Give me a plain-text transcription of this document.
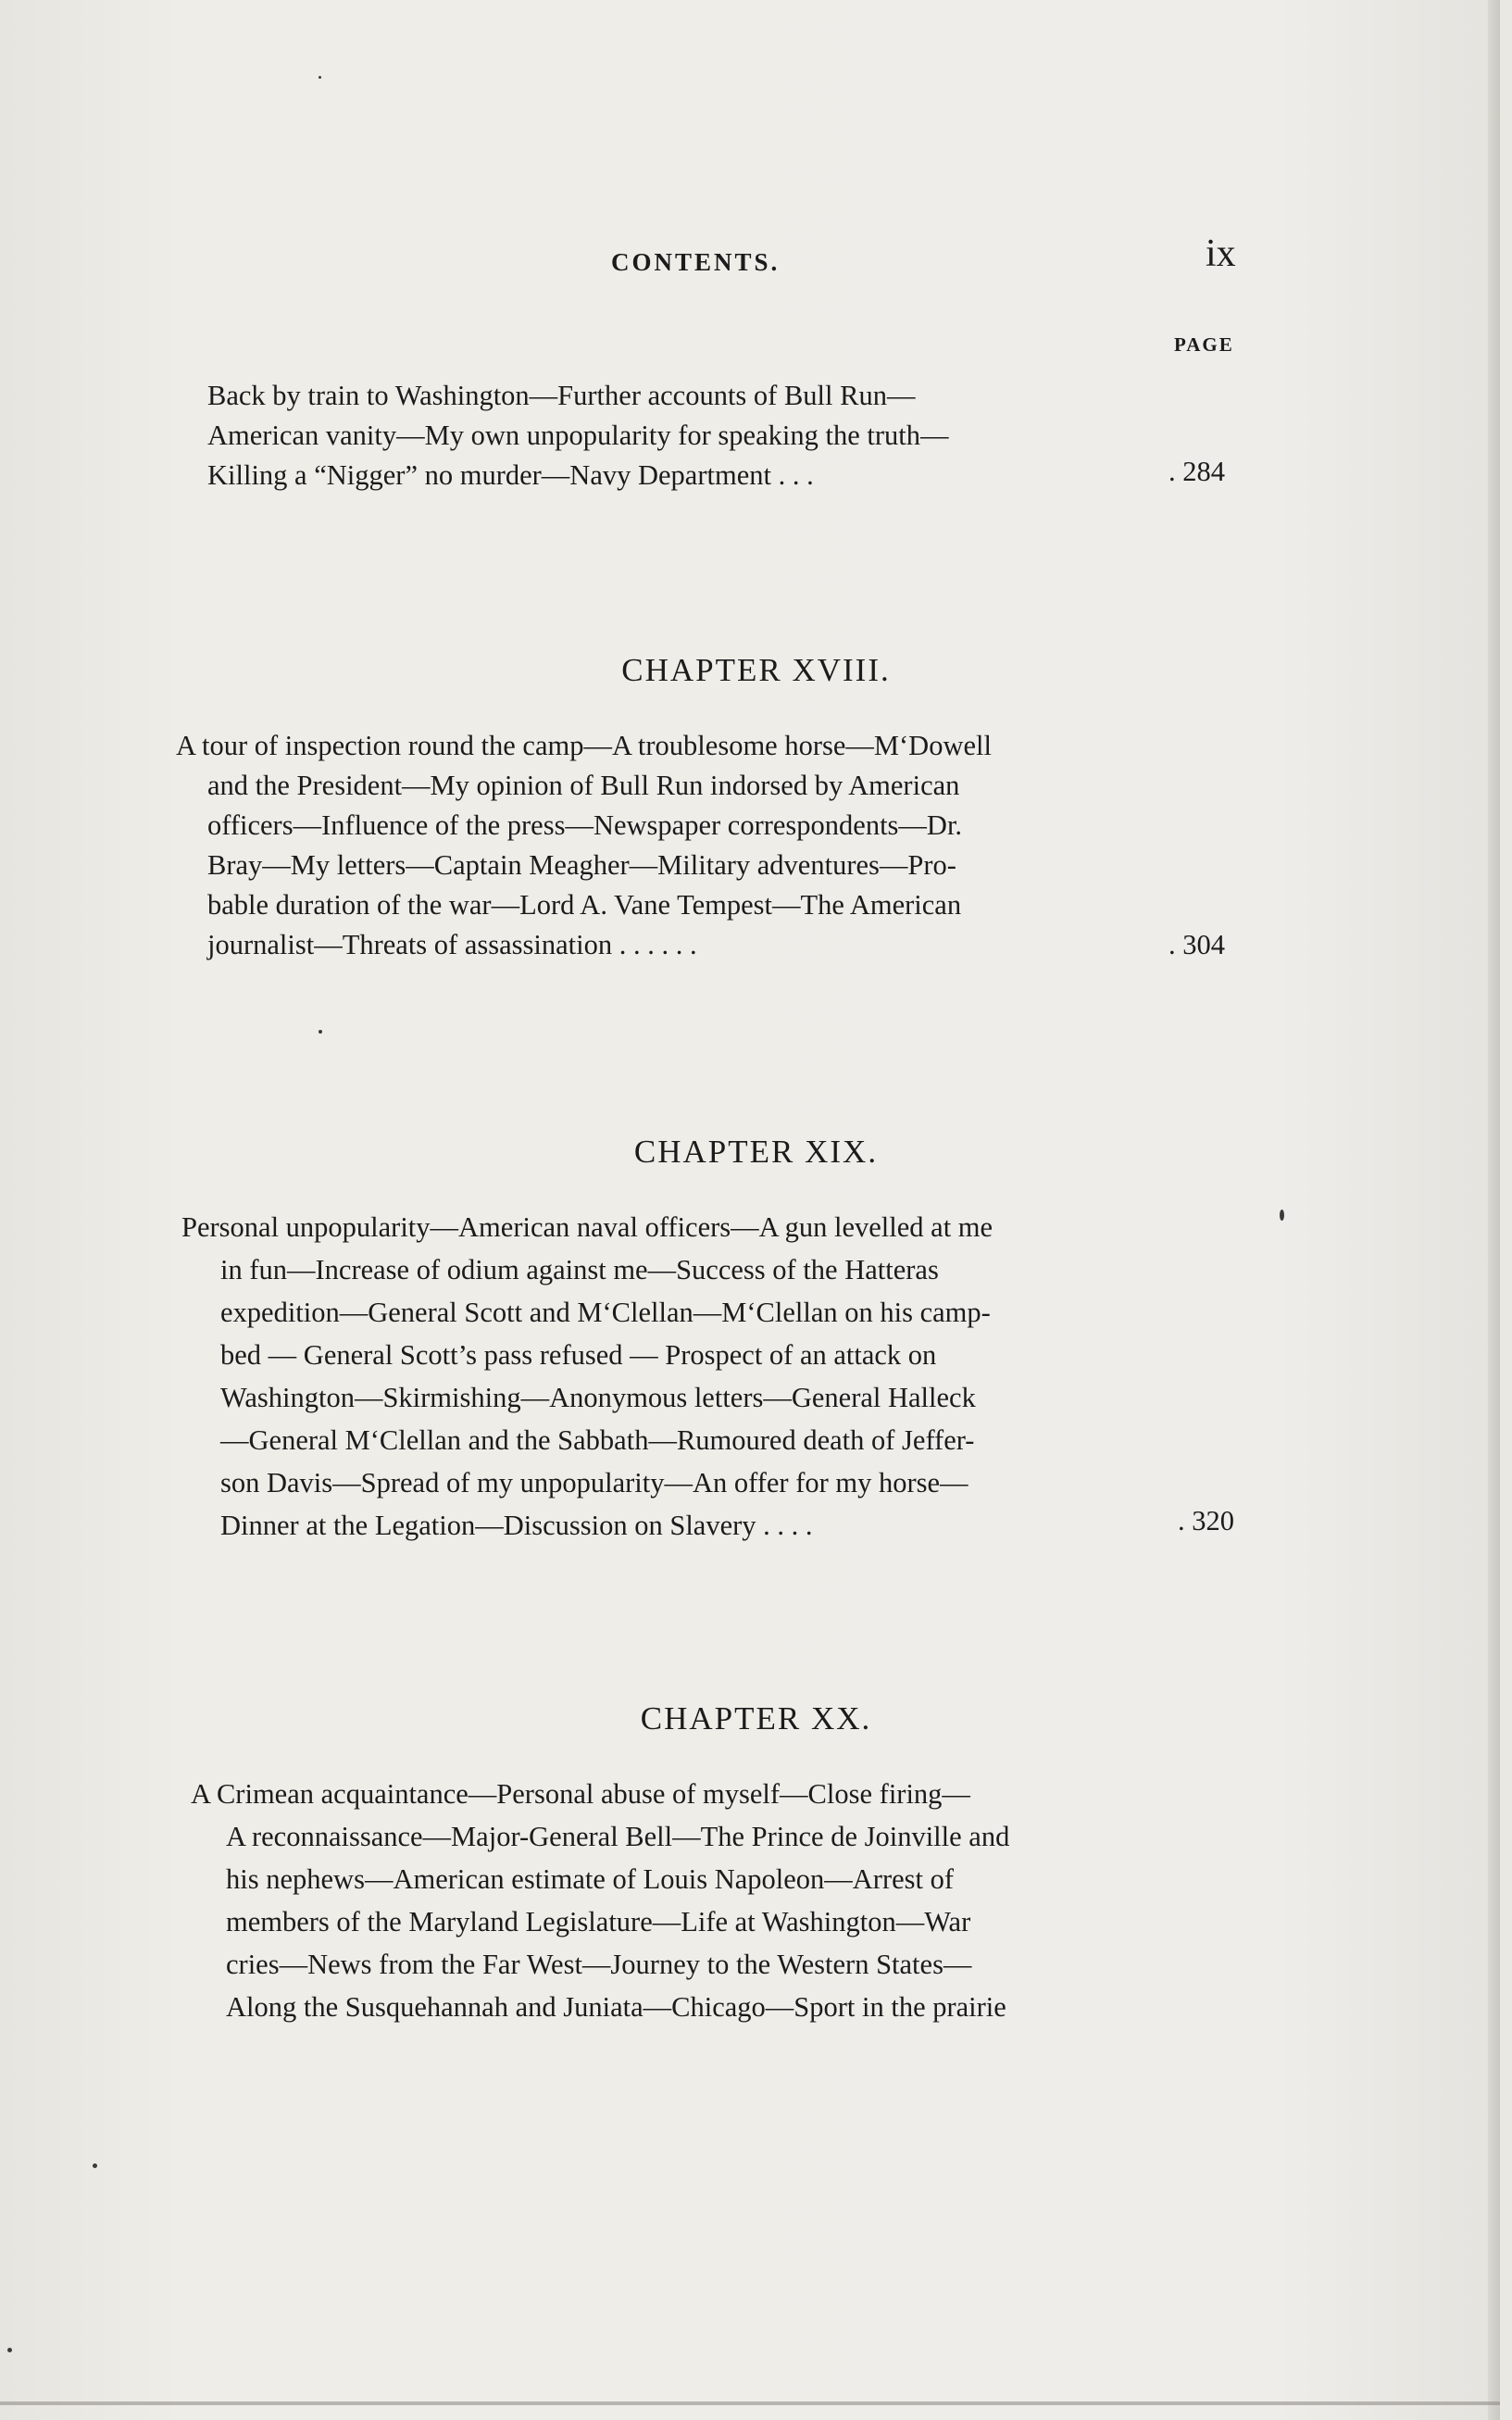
CONTENTS.	ix
PAGE
Back by train to Washington—Further accounts of Bull Run—
American vanity—My own unpopularity for speaking the truth—
Killing a “Nigger” no murder—Navy Department . . .	. 284
CHAPTER XVIII.
A tour of inspection round the camp—A troublesome horse—M‘Dowell
and the President—My opinion of Bull Run indorsed by American
officers—Influence of the press—Newspaper correspondents—Dr.
Bray—My letters—Captain Meagher—Military adventures—Pro-
bable duration of the war—Lord A. Vane Tempest—The American
journalist—Threats of assassination . . . . . .	. 304
CHAPTER XIX.
Personal unpopularity—American naval officers—A gun levelled at me
in fun—Increase of odium against me—Success of the Hatteras
expedition—General Scott and M‘Clellan—M‘Clellan on his camp-
bed — General Scott’s pass refused — Prospect of an attack on
Washington—Skirmishing—Anonymous letters—General Halleck
—General M‘Clellan and the Sabbath—Rumoured death of Jeffer-
son Davis—Spread of my unpopularity—An offer for my horse—
Dinner at the Legation—Discussion on Slavery . . . .	. 320
CHAPTER XX.
A Crimean acquaintance—Personal abuse of myself—Close firing—
A reconnaissance—Major-General Bell—The Prince de Joinville and
his nephews—American estimate of Louis Napoleon—Arrest of
members of the Maryland Legislature—Life at Washington—War
cries—News from the Far West—Journey to the Western States—
Along the Susquehannah and Juniata—Chicago—Sport in the prairie
